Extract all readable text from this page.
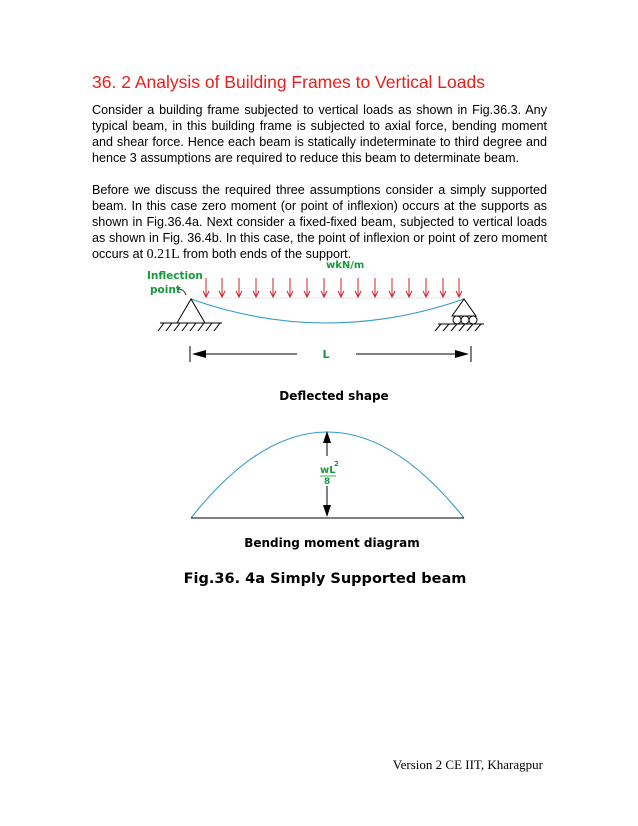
36. 2 Analysis of Building Frames to Vertical Loads

Consider a building frame subjected to vertical loads as shown in Fig.36.3. Any typical beam, in this building frame is subjected to axial force, bending moment and shear force. Hence each beam is statically indeterminate to third degree and hence 3 assumptions are required to reduce this beam to determinate beam.

Before we discuss the required three assumptions consider a simply supported beam. In this case zero moment (or point of inflexion) occurs at the supports as shown in Fig.36.4a. Next consider a fixed-fixed beam, subjected to vertical loads as shown in Fig. 36.4b. In this case, the point of inflexion or point of zero moment occurs at 0.21L from both ends of the support.

wkN/m
Inflection
point
L
Deflected shape
wL
2
8
Bending moment diagram
Fig.36. 4a Simply Supported beam

Version 2 CE IIT, Kharagpur
